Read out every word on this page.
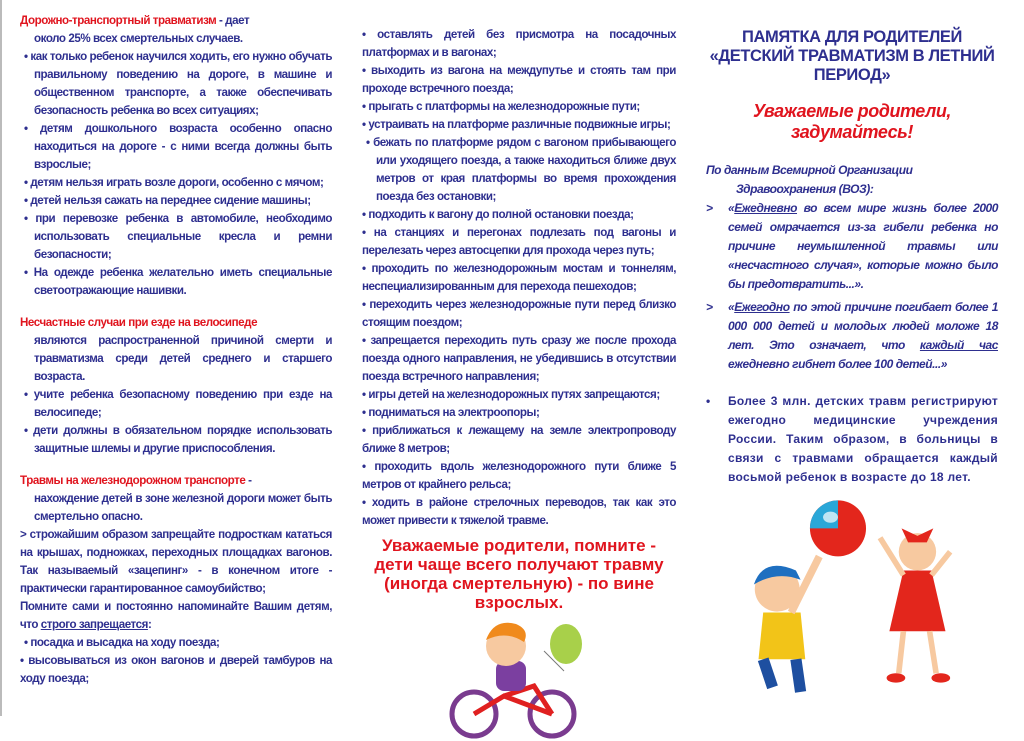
Дорожно-транспортный травматизм - дает

около 25% всех смертельных случаев.

• как только ребенок научился ходить, его нужно обучать правильному поведению на дороге, в машине и общественном транспорте, а также обеспечивать безопасность ребенка во всех ситуациях;

• детям дошкольного возраста особенно опасно находиться на дороге - с ними всегда должны быть взрослые;

• детям нельзя играть возле дороги, особенно с мячом;

• детей нельзя сажать на переднее сидение машины;

• при перевозке ребенка в автомобиле, необходимо использовать специальные кресла и ремни безопасности;

• На одежде ребенка желательно иметь специальные светоотражающие нашивки.

Несчастные случаи при езде на велосипеде

являются распространенной причиной смерти и травматизма среди детей среднего и старшего возраста.

• учите ребенка безопасному поведению при езде на велосипеде;

• дети должны в обязательном порядке использовать защитные шлемы и другие приспособления.

Травмы на железнодорожном транспорте -

нахождение детей в зоне железной дороги может быть смертельно опасно.

> строжайшим образом запрещайте подросткам кататься на крышах, подножках, переходных площадках вагонов. Так называемый «зацепинг» - в конечном итоге - практически гарантированное самоубийство;

Помните сами и постоянно напоминайте Вашим детям, что строго запрещается:

• посадка и высадка на ходу поезда;

• высовываться из окон вагонов и дверей тамбуров на ходу поезда;

• оставлять детей без присмотра на посадочных платформах и в вагонах;

• выходить из вагона на междупутье и стоять там при проходе встречного поезда;

• прыгать с платформы на железнодорожные пути;

• устраивать на платформе различные подвижные игры;

• бежать по платформе рядом с вагоном прибывающего или уходящего поезда, а также находиться ближе двух метров от края платформы во время прохождения поезда без остановки;

• подходить к вагону до полной остановки поезда;

• на станциях и перегонах подлезать под вагоны и перелезать через автосцепки для прохода через путь;

• проходить по железнодорожным мостам и тоннелям, неспециализированным для перехода пешеходов;

• переходить через железнодорожные пути перед близко стоящим поездом;

• запрещается переходить путь сразу же после прохода поезда одного направления, не убедившись в отсутствии поезда встречного направления;

• игры детей на железнодорожных путях запрещаются;

• подниматься на электроопоры;

• приближаться к лежащему на земле электропроводу ближе 8 метров;

• проходить вдоль железнодорожного пути ближе 5 метров от крайнего рельса;

• ходить в районе стрелочных переводов, так как это может привести к тяжелой травме.

Уважаемые родители, помните - дети чаще всего получают травму (иногда смертельную) - по вине взрослых.
ПАМЯТКА ДЛЯ РОДИТЕЛЕЙ «ДЕТСКИЙ ТРАВМАТИЗМ В ЛЕТНИЙ ПЕРИОД»
Уважаемые родители, задумайтесь!

По данным Всемирной Организации Здравоохранения (ВОЗ):

> «Ежедневно во всем мире жизнь более 2000 семей омрачается из-за гибели ребенка но причине неумышленной травмы или «несчастного случая», которые можно было бы предотвратить...».

> «Ежегодно по этой причине погибает более 1 000 000 детей и молодых людей моложе 18 лет. Это означает, что каждый час ежедневно гибнет более 100 детей...»

• Более 3 млн. детских травм регистрируют ежегодно медицинские учреждения России. Таким образом, в больницы в связи с травмами обращается каждый восьмой ребенок в возрасте до 18 лет.
